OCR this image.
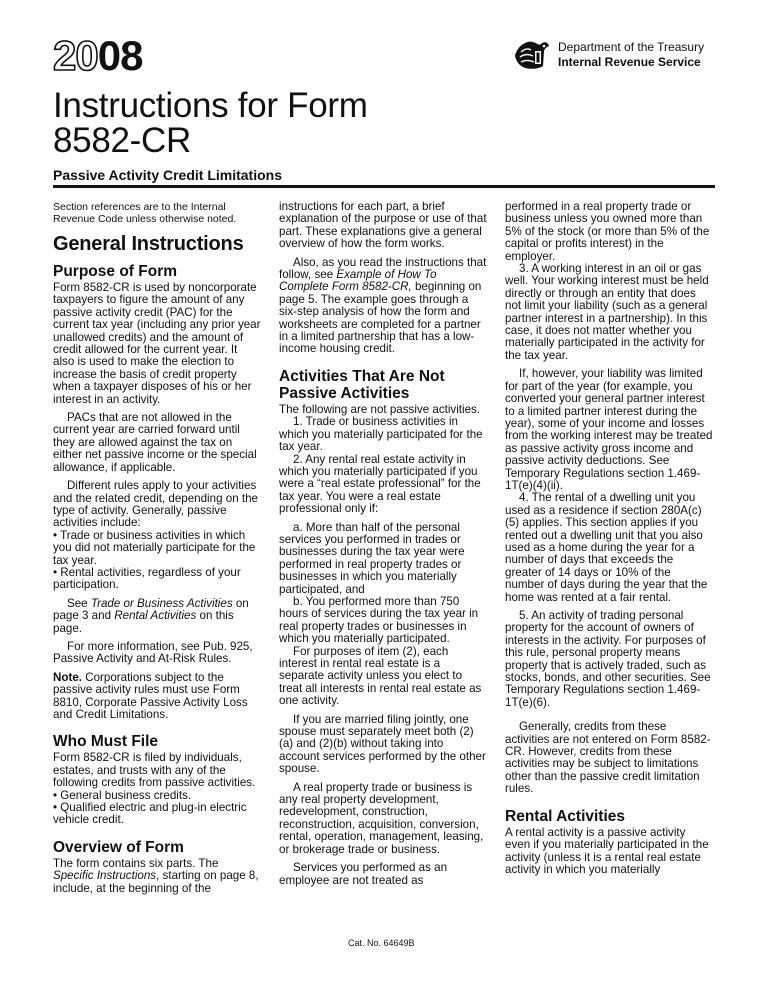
2008	Department of the Treasury
Internal Revenue Service
Instructions for Form
8582-CR
Passive Activity Credit Limitations

Section references are to the Internal Revenue Code unless otherwise noted.

General Instructions
Purpose of Form

Form 8582-CR is used by noncorporate taxpayers to figure the amount of any passive activity credit (PAC) for the current tax year (including any prior year unallowed credits) and the amount of credit allowed for the current year. It also is used to make the election to increase the basis of credit property when a taxpayer disposes of his or her interest in an activity.

PACs that are not allowed in the current year are carried forward until they are allowed against the tax on either net passive income or the special allowance, if applicable.

Different rules apply to your activities and the related credit, depending on the type of activity. Generally, passive activities include:

• Trade or business activities in which you did not materially participate for the tax year.

• Rental activities, regardless of your participation.

See Trade or Business Activities on page 3 and Rental Activities on this page.

For more information, see Pub. 925, Passive Activity and At-Risk Rules.

Note. Corporations subject to the passive activity rules must use Form 8810, Corporate Passive Activity Loss and Credit Limitations.

Who Must File

Form 8582-CR is filed by individuals, estates, and trusts with any of the following credits from passive activities.

• General business credits.

• Qualified electric and plug-in electric vehicle credit.

Overview of Form

The form contains six parts. The Specific Instructions, starting on page 8, include, at the beginning of the

instructions for each part, a brief explanation of the purpose or use of that part. These explanations give a general overview of how the form works.

Also, as you read the instructions that follow, see Example of How To Complete Form 8582-CR, beginning on page 5. The example goes through a six-step analysis of how the form and worksheets are completed for a partner in a limited partnership that has a low-income housing credit.

Activities That Are Not Passive Activities

The following are not passive activities.

1. Trade or business activities in which you materially participated for the tax year.

2. Any rental real estate activity in which you materially participated if you were a “real estate professional” for the tax year. You were a real estate professional only if:

a. More than half of the personal services you performed in trades or businesses during the tax year were performed in real property trades or businesses in which you materially participated, and

b. You performed more than 750 hours of services during the tax year in real property trades or businesses in which you materially participated.

For purposes of item (2), each interest in rental real estate is a separate activity unless you elect to treat all interests in rental real estate as one activity.

If you are married filing jointly, one spouse must separately meet both (2)(a) and (2)(b) without taking into account services performed by the other spouse.

A real property trade or business is any real property development, redevelopment, construction, reconstruction, acquisition, conversion, rental, operation, management, leasing, or brokerage trade or business.

Services you performed as an employee are not treated as

performed in a real property trade or business unless you owned more than 5% of the stock (or more than 5% of the capital or profits interest) in the employer.

3. A working interest in an oil or gas well. Your working interest must be held directly or through an entity that does not limit your liability (such as a general partner interest in a partnership). In this case, it does not matter whether you materially participated in the activity for the tax year.

If, however, your liability was limited for part of the year (for example, you converted your general partner interest to a limited partner interest during the year), some of your income and losses from the working interest may be treated as passive activity gross income and passive activity deductions. See Temporary Regulations section 1.469-1T(e)(4)(ii).

4. The rental of a dwelling unit you used as a residence if section 280A(c)(5) applies. This section applies if you rented out a dwelling unit that you also used as a home during the year for a number of days that exceeds the greater of 14 days or 10% of the number of days during the year that the home was rented at a fair rental.

5. An activity of trading personal property for the account of owners of interests in the activity. For purposes of this rule, personal property means property that is actively traded, such as stocks, bonds, and other securities. See Temporary Regulations section 1.469-1T(e)(6).

Generally, credits from these activities are not entered on Form 8582-CR. However, credits from these activities may be subject to limitations other than the passive credit limitation rules.

Rental Activities

A rental activity is a passive activity even if you materially participated in the activity (unless it is a rental real estate activity in which you materially

Cat. No. 64649B
